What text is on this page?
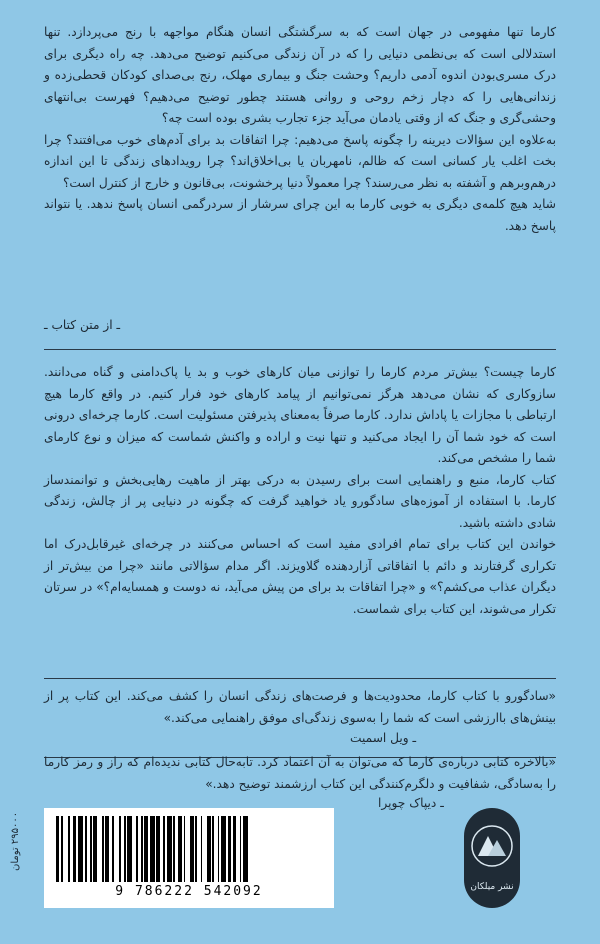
کارما تنها مفهومی در جهان است که به سرگشتگی انسان هنگام مواجهه با رنج می‌پردازد. تنها استدلالی است که بی‌نظمی دنیایی را که در آن زندگی می‌کنیم توضیح می‌دهد. چه راه دیگری برای درک مسری‌بودن اندوه آدمی داریم؟ وحشت جنگ و بیماری مهلک، رنج بی‌صدای کودکان قحطی‌زده و زندانی‌هایی را که دچار زخم روحی و روانی هستند چطور توضیح می‌دهیم؟ فهرست بی‌انتهای وحشی‌گری و جنگ که از وقتی یادمان می‌آید جزء تجارب بشری بوده است چه؟

به‌علاوه این سؤالات دیرینه را چگونه پاسخ می‌دهیم: چرا اتفاقات بد برای آدم‌های خوب می‌افتند؟ چرا بخت اغلب یار کسانی است که ظالم، نامهربان یا بی‌اخلاق‌اند؟ چرا رویدادهای زندگی تا این اندازه درهم‌وبرهم و آشفته به نظر می‌رسند؟ چرا معمولاً دنیا پرخشونت، بی‌قانون و خارج از کنترل است؟

شاید هیچ کلمه‌ی دیگری به خوبی کارما به این چرای سرشار از سردرگمی انسان پاسخ ندهد. یا نتواند پاسخ دهد.

ـ از متن کتاب ـ

کارما چیست؟ بیش‌تر مردم کارما را توازنی میان کارهای خوب و بد یا پاک‌دامنی و گناه می‌دانند. سازوکاری که نشان می‌دهد هرگز نمی‌توانیم از پیامد کارهای خود فرار کنیم. در واقع کارما هیچ ارتباطی با مجازات یا پاداش ندارد. کارما صرفاً به‌معنای پذیرفتن مسئولیت است. کارما چرخه‌ای درونی است که خود شما آن را ایجاد می‌کنید و تنها نیت و اراده و واکنش شماست که میزان و نوع کارمای شما را مشخص می‌کند.

کتاب کارما، منبع و راهنمایی است برای رسیدن به درکی بهتر از ماهیت رهایی‌بخش و توانمندساز کارما. با استفاده از آموزه‌های سادگورو یاد خواهید گرفت که چگونه در دنیایی پر از چالش، زندگی شادی داشته باشید.

خواندن این کتاب برای تمام افرادی مفید است که احساس می‌کنند در چرخه‌ای غیرقابل‌درک اما تکراری گرفتارند و دائم با اتفاقاتی آزاردهنده گلاویزند. اگر مدام سؤالاتی مانند «چرا من بیش‌تر از دیگران عذاب می‌کشم؟» و «چرا اتفاقات بد برای من پیش می‌آید، نه دوست و همسایه‌ام؟» در سرتان تکرار می‌شوند، این کتاب برای شماست.

«سادگورو با کتاب کارما، محدودیت‌ها و فرصت‌های زندگی انسان را کشف می‌کند. این کتاب پر از بینش‌های باارزشی است که شما را به‌سوی زندگی‌ای موفق راهنمایی می‌کند.»

ـ ویل اسمیت

«بالاخره کتابی درباره‌ی کارما که می‌توان به آن اعتماد کرد. تابه‌حال کتابی ندیده‌ام که راز و رمز کارما را به‌سادگی، شفافیت و دلگرم‌کنندگی این کتاب ارزشمند توضیح دهد.»

ـ دیپاک چوپرا
۲۹۵۰۰۰ تومان
9 786222 542092	نشر میلکان
